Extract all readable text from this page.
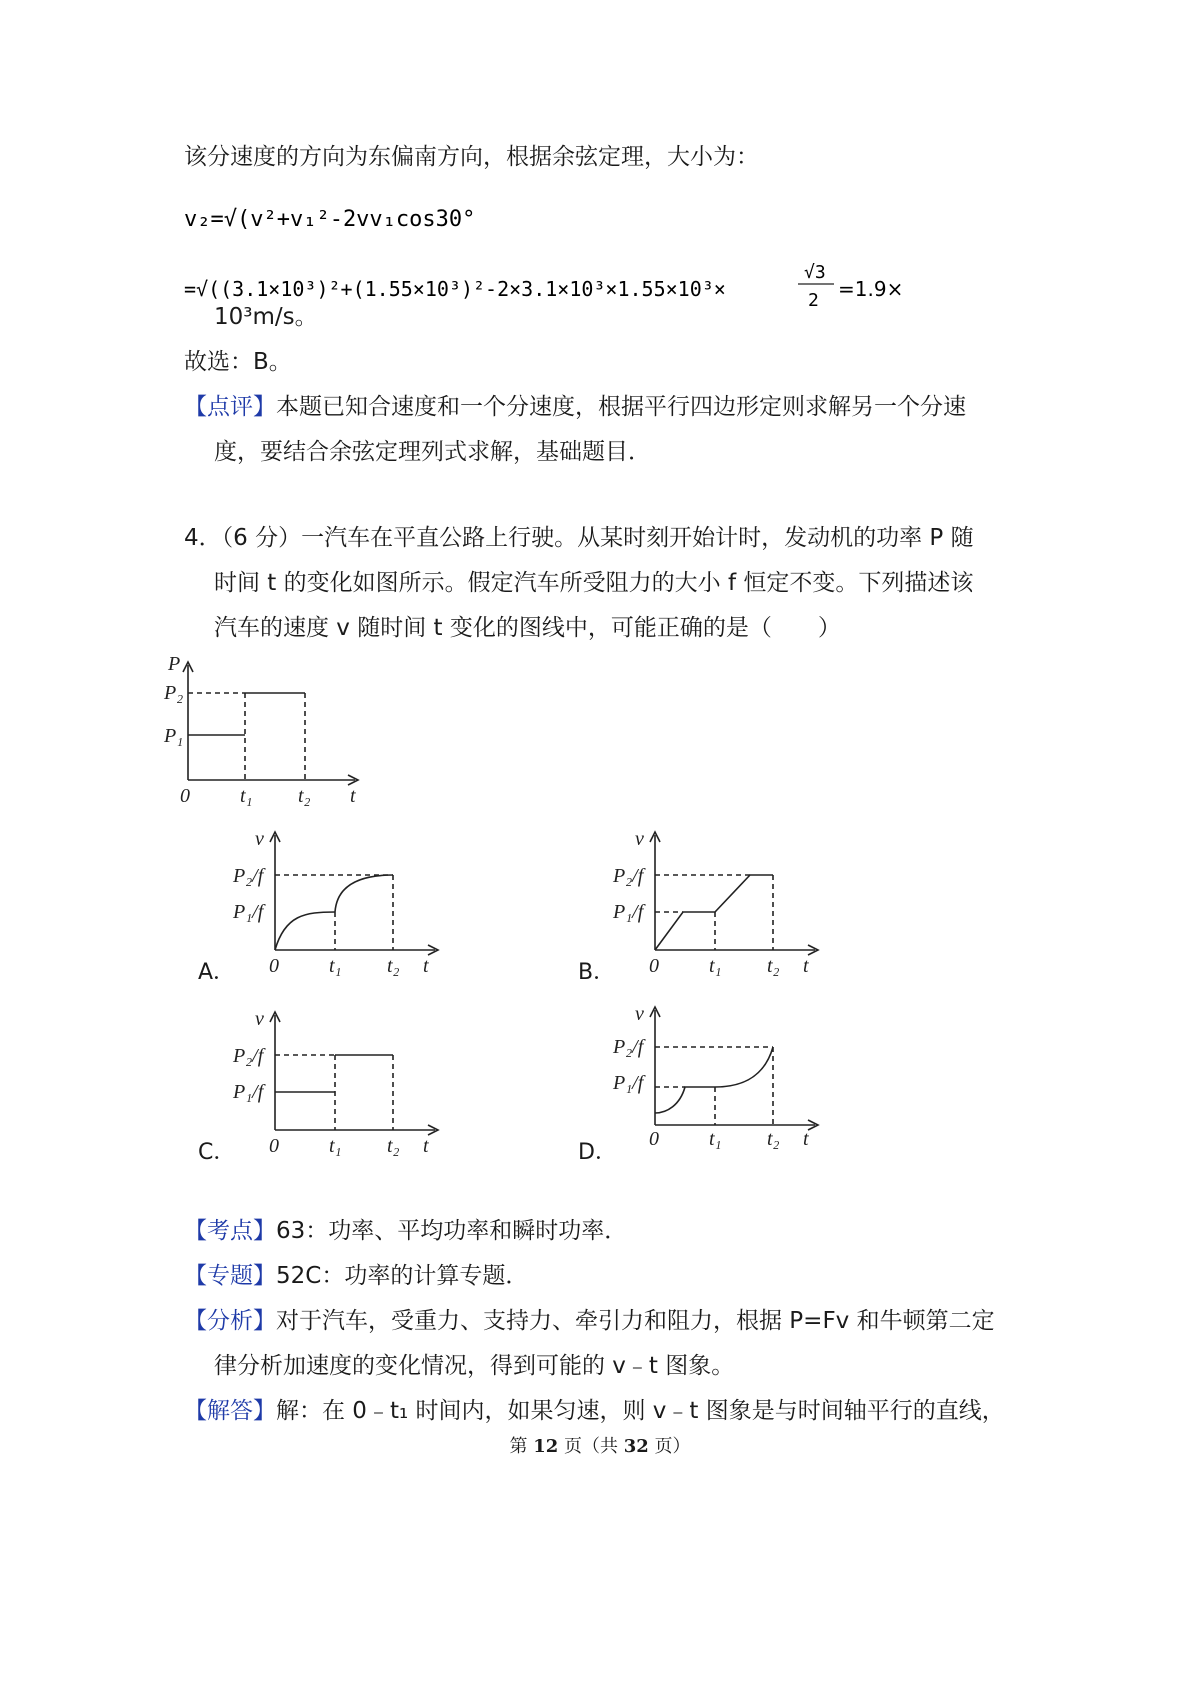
该分速度的方向为东偏南方向，根据余弦定理，大小为：
v₂=√(v²+v₁²-2vv₁cos30°)
=√((3.1×10³)²+(1.55×10³)²-2×3.1×10³×1.55×10³×
√3
2 =1.9×
10³m/s。
故选：B。
【点评】本题已知合速度和一个分速度，根据平行四边形定则求解另一个分速
度，要结合余弦定理列式求解，基础题目．
4．（6 分）一汽车在平直公路上行驶。从某时刻开始计时，发动机的功率 P 随
时间 t 的变化如图所示。假定汽车所受阻力的大小 f 恒定不变。下列描述该
汽车的速度 v 随时间 t 变化的图线中，可能正确的是（　　）
P
P₂
P₁
0	t₁ t₂ t
v
P₂/f
P₁/f
0	t₁ t₂ t
A．
v
P₂/f
P₁/f
0	t₁ t₂ t
B．
v
P₂/f
P₁/f
0	t₁ t₂ t
C．
v
P₂/f
P₁/f
0	t₁ t₂ t
D．
【考点】63：功率、平均功率和瞬时功率．
【专题】52C：功率的计算专题．
【分析】对于汽车，受重力、支持力、牵引力和阻力，根据 P=Fv 和牛顿第二定
律分析加速度的变化情况，得到可能的 v﹣t 图象。
【解答】解：在 0﹣t₁ 时间内，如果匀速，则 v﹣t 图象是与时间轴平行的直线，
第 12 页（共 32 页）
